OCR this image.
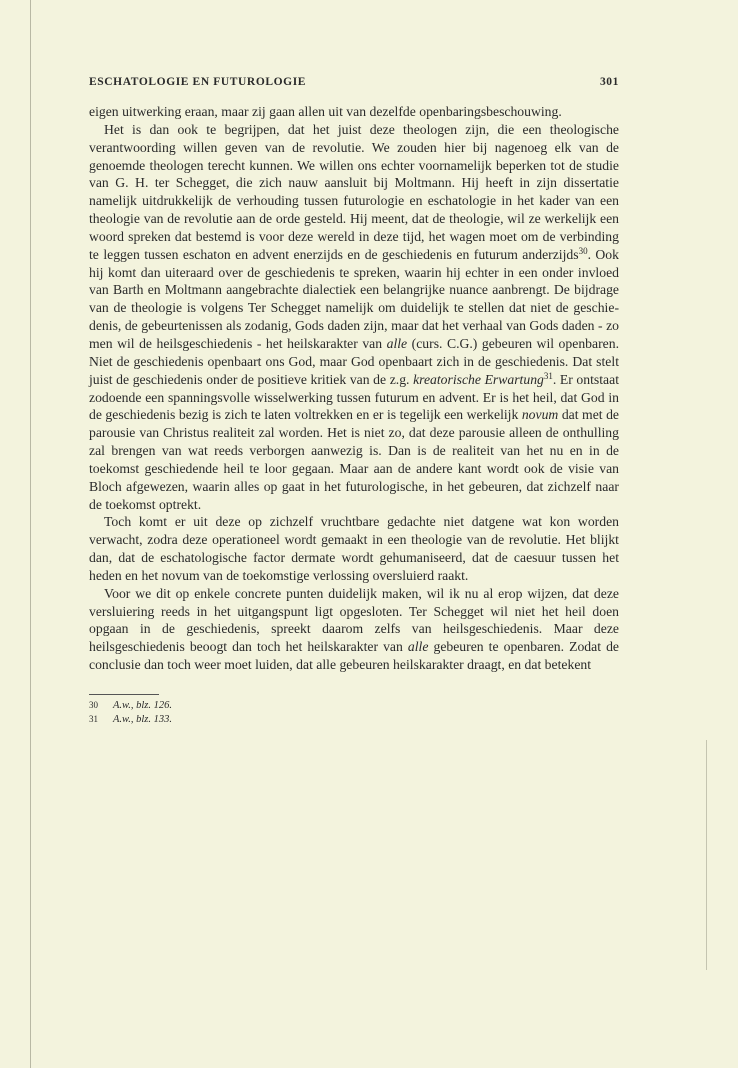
ESCHATOLOGIE EN FUTUROLOGIE	301

eigen uitwerking eraan, maar zij gaan allen uit van dezelfde openbaringsbeschouwing.

Het is dan ook te begrijpen, dat het juist deze theologen zijn, die een theologische verantwoording willen geven van de revolutie. We zouden hier bij nagenoeg elk van de genoemde theologen terecht kunnen. We willen ons echter voornamelijk beperken tot de studie van G. H. ter Schegget, die zich nauw aansluit bij Moltmann. Hij heeft in zijn dissertatie namelijk uitdrukkelijk de verhouding tussen futurologie en eschatologie in het kader van een theologie van de revolutie aan de orde gesteld. Hij meent, dat de theologie, wil ze werkelijk een woord spreken dat bestemd is voor deze wereld in deze tijd, het wagen moet om de verbinding te leggen tussen eschaton en advent enerzijds en de geschiedenis en futurum anderzijds$^{30}$. Ook hij komt dan uiteraard over de geschiedenis te spreken, waarin hij echter in een onder invloed van Barth en Moltmann aangebrachte dialectiek een belangrijke nuance aanbrengt. De bijdrage van de theologie is volgens Ter Schegget namelijk om duidelijk te stellen dat niet de geschiedenis, de gebeurtenissen als zodanig, Gods daden zijn, maar dat het verhaal van Gods daden - zo men wil de heilsgeschiedenis - het heilskarakter van alle (curs. C.G.) gebeuren wil openbaren. Niet de geschiedenis openbaart ons God, maar God openbaart zich in de geschiedenis. Dat stelt juist de geschiedenis onder de positieve kritiek van de z.g. kreatorische Erwartung$^{31}$. Er ontstaat zodoende een spanningsvolle wisselwerking tussen futurum en advent. Er is het heil, dat God in de geschiedenis bezig is zich te laten voltrekken en er is tegelijk een werkelijk novum dat met de parousie van Christus realiteit zal worden. Het is niet zo, dat deze parousie alleen de onthulling zal brengen van wat reeds verborgen aanwezig is. Dan is de realiteit van het nu en in de toekomst geschiedende heil te loor gegaan. Maar aan de andere kant wordt ook de visie van Bloch afgewezen, waarin alles op gaat in het futurologische, in het gebeuren, dat zichzelf naar de toekomst optrekt.

Toch komt er uit deze op zichzelf vruchtbare gedachte niet datgene wat kon worden verwacht, zodra deze operationeel wordt gemaakt in een theologie van de revolutie. Het blijkt dan, dat de eschatologische factor dermate wordt gehumaniseerd, dat de caesuur tussen het heden en het novum van de toekomstige verlossing oversluierd raakt.

Voor we dit op enkele concrete punten duidelijk maken, wil ik nu al erop wijzen, dat deze versluiering reeds in het uitgangspunt ligt opgesloten. Ter Schegget wil niet het heil doen opgaan in de geschiedenis, spreekt daarom zelfs van heilsgeschiedenis. Maar deze heilsgeschiedenis beoogt dan toch het heilskarakter van alle gebeuren te openbaren. Zodat de conclusie dan toch weer moet luiden, dat alle gebeuren heilskarakter draagt, en dat betekent

30 A.w., blz. 126.
31 A.w., blz. 133.
